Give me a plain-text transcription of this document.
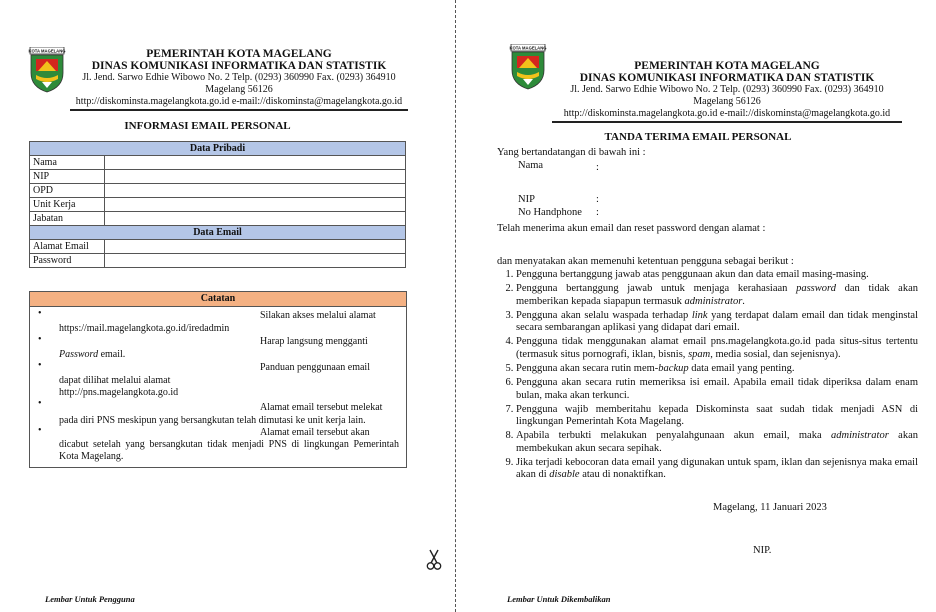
KOTA MAGELANG	PEMERINTAH KOTA MAGELANG
DINAS KOMUNIKASI INFORMATIKA DAN STATISTIK
Jl. Jend. Sarwo Edhie Wibowo No. 2 Telp. (0293) 360990 Fax. (0293) 364910
Magelang 56126
http://diskominsta.magelangkota.go.id e-mail://diskominsta@magelangkota.go.id
INFORMASI EMAIL PERSONAL
Data Pribadi	
Nama	
NIP	
OPD	
Unit Kerja	
Jabatan	
Data Email	
Alamat Email	
Password	
Catatan
•	Silakan akses melalui alamat
https://mail.magelangkota.go.id/iredadmin
•	Harap langsung mengganti
Password email.
•	Panduan penggunaan email
dapat dilihat melalui alamat
http://pns.magelangkota.go.id
•	Alamat email tersebut melekat
pada diri PNS meskipun yang bersangkutan telah dimutasi ke unit kerja lain.
•	Alamat email tersebut akan
dicabut setelah yang bersangkutan tidak menjadi PNS di lingkungan Pemerintah Kota Magelang.
Lembar Untuk Pengguna
KOTA MAGELANG
PEMERINTAH KOTA MAGELANG
DINAS KOMUNIKASI INFORMATIKA DAN STATISTIK
Jl. Jend. Sarwo Edhie Wibowo No. 2 Telp. (0293) 360990 Fax. (0293) 364910
Magelang 56126
http://diskominsta.magelangkota.go.id e-mail://diskominsta@magelangkota.go.id
TANDA TERIMA EMAIL PERSONAL
Yang bertandatangan di bawah ini :
Nama	:
NIP	:
No Handphone :
Telah menerima akun email dan reset password dengan alamat :
dan menyatakan akan memenuhi ketentuan pengguna sebagai berikut :
1. Pengguna bertanggung jawab atas penggunaan akun dan data email masing-masing.
2. Pengguna bertanggung jawab untuk menjaga kerahasiaan password dan tidak akan memberikan kepada siapapun termasuk administrator.
3. Pengguna akan selalu waspada terhadap link yang terdapat dalam email dan tidak menginstal secara sembarangan aplikasi yang didapat dari email.
4. Pengguna tidak menggunakan alamat email pns.magelangkota.go.id pada situs-situs tertentu (termasuk situs pornografi, iklan, bisnis, spam, media sosial, dan sejenisnya).
5. Pengguna akan secara rutin mem-backup data email yang penting.
6. Pengguna akan secara rutin memeriksa isi email. Apabila email tidak diperiksa dalam enam bulan, maka akan terkunci.
7. Pengguna wajib memberitahu kepada Diskominsta saat sudah tidak menjadi ASN di lingkungan Pemerintah Kota Magelang.
8. Apabila terbukti melakukan penyalahgunaan akun email, maka administrator akan membekukan akun secara sepihak.
9. Jika terjadi kebocoran data email yang digunakan untuk spam, iklan dan sejenisnya maka email akan di disable atau di nonaktifkan.
Magelang, 11 Januari 2023
NIP.
Lembar Untuk Dikembalikan
